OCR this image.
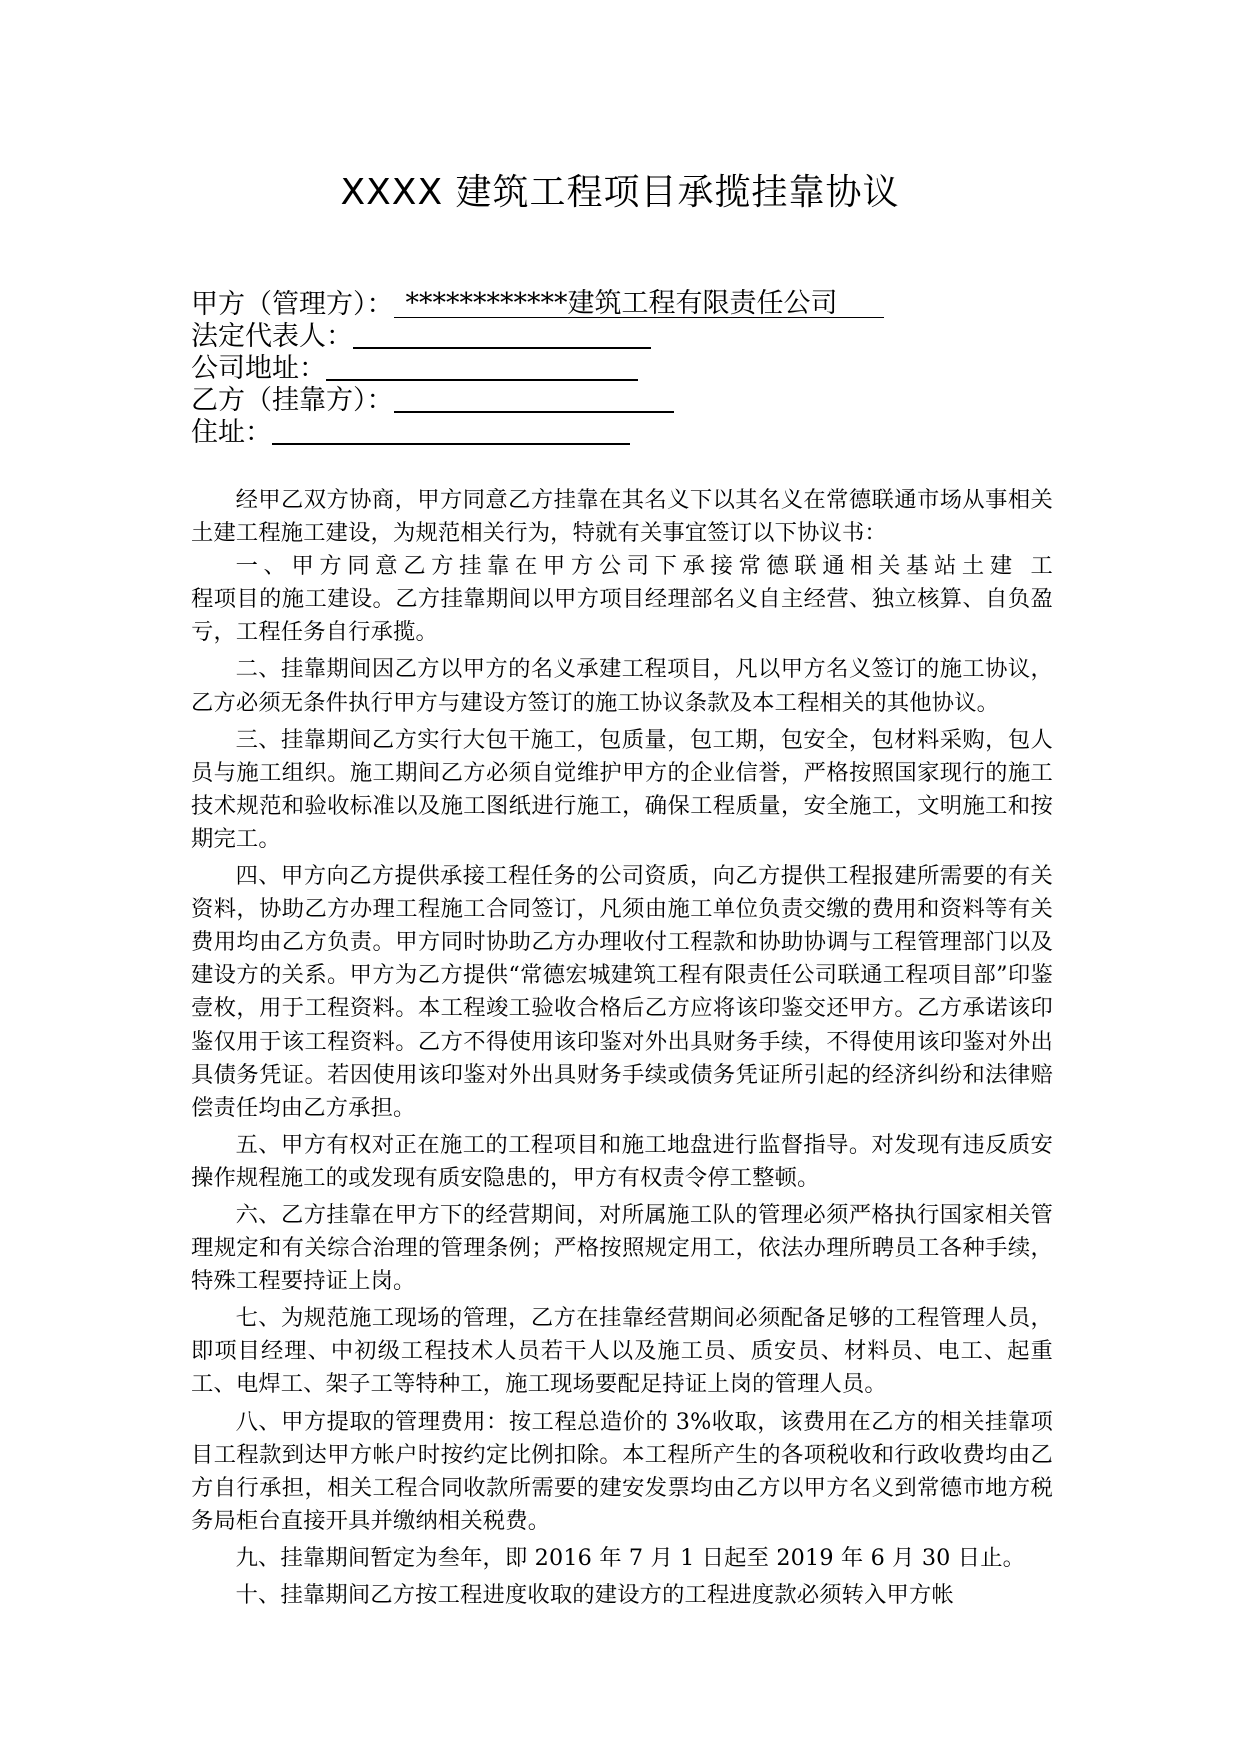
XXXX 建筑工程项目承揽挂靠协议
甲方（管理方）： ************建筑工程有限责任公司
法定代表人：
公司地址：
乙方（挂靠方）：
住址：

经甲乙双方协商，甲方同意乙方挂靠在其名义下以其名义在常德联通市场从事相关土建工程施工建设，为规范相关行为，特就有关事宜签订以下协议书：

一、甲方同意乙方挂靠在甲方公司下承接常德联通相关基站土建 工

程项目的施工建设。乙方挂靠期间以甲方项目经理部名义自主经营、独立核算、自负盈亏，工程任务自行承揽。

二、挂靠期间因乙方以甲方的名义承建工程项目，凡以甲方名义签订的施工协议，乙方必须无条件执行甲方与建设方签订的施工协议条款及本工程相关的其他协议。

三、挂靠期间乙方实行大包干施工，包质量，包工期，包安全，包材料采购，包人员与施工组织。施工期间乙方必须自觉维护甲方的企业信誉，严格按照国家现行的施工技术规范和验收标准以及施工图纸进行施工，确保工程质量，安全施工，文明施工和按期完工。

四、甲方向乙方提供承接工程任务的公司资质，向乙方提供工程报建所需要的有关资料，协助乙方办理工程施工合同签订，凡须由施工单位负责交缴的费用和资料等有关费用均由乙方负责。甲方同时协助乙方办理收付工程款和协助协调与工程管理部门以及建设方的关系。甲方为乙方提供“常德宏城建筑工程有限责任公司联通工程项目部”印鉴壹枚，用于工程资料。本工程竣工验收合格后乙方应将该印鉴交还甲方。乙方承诺该印鉴仅用于该工程资料。乙方不得使用该印鉴对外出具财务手续，不得使用该印鉴对外出具债务凭证。若因使用该印鉴对外出具财务手续或债务凭证所引起的经济纠纷和法律赔偿责任均由乙方承担。

五、甲方有权对正在施工的工程项目和施工地盘进行监督指导。对发现有违反质安操作规程施工的或发现有质安隐患的，甲方有权责令停工整顿。

六、乙方挂靠在甲方下的经营期间，对所属施工队的管理必须严格执行国家相关管理规定和有关综合治理的管理条例；严格按照规定用工，依法办理所聘员工各种手续，特殊工程要持证上岗。

七、为规范施工现场的管理，乙方在挂靠经营期间必须配备足够的工程管理人员，即项目经理、中初级工程技术人员若干人以及施工员、质安员、材料员、电工、起重工、电焊工、架子工等特种工，施工现场要配足持证上岗的管理人员。

八、甲方提取的管理费用：按工程总造价的 3%收取，该费用在乙方的相关挂靠项目工程款到达甲方帐户时按约定比例扣除。本工程所产生的各项税收和行政收费均由乙方自行承担，相关工程合同收款所需要的建安发票均由乙方以甲方名义到常德市地方税务局柜台直接开具并缴纳相关税费。

九、挂靠期间暂定为叁年，即 2016 年 7 月 1 日起至 2019 年 6 月 30 日止。

十、挂靠期间乙方按工程进度收取的建设方的工程进度款必须转入甲方帐
